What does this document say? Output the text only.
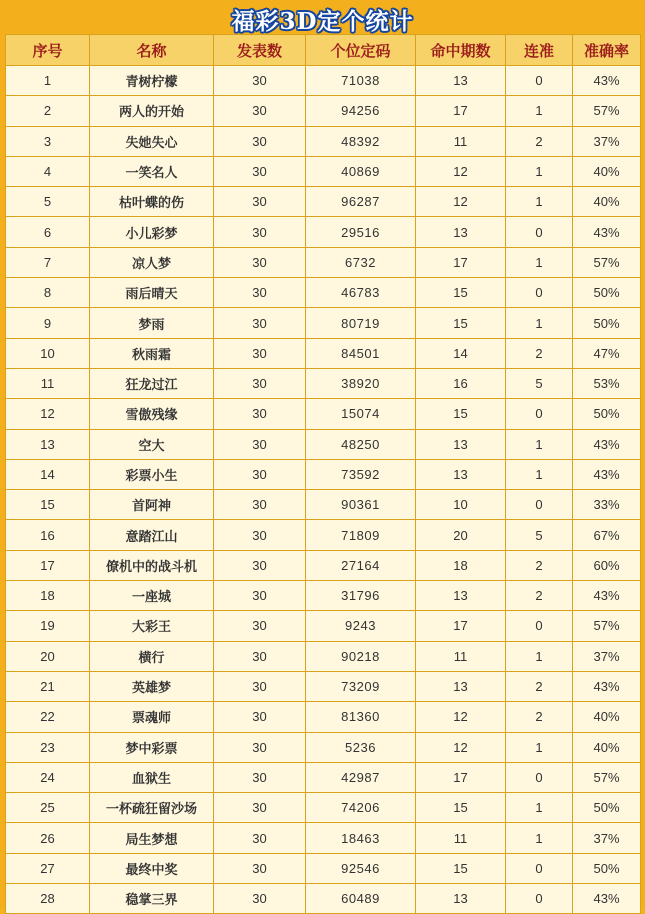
福彩3D定个统计
序号	名称	发表数	个位定码	命中期数	连准	准确率
1	青树柠檬	30	71038	13	0	43%
2	两人的开始	30	94256	17	1	57%
3	失她失心	30	48392	11	2	37%
4	一笑名人	30	40869	12	1	40%
5	枯叶蝶的伤	30	96287	12	1	40%
6	小儿彩梦	30	29516	13	0	43%
7	凉人梦	30	6732	17	1	57%
8	雨后晴天	30	46783	15	0	50%
9	梦雨	30	80719	15	1	50%
10	秋雨霜	30	84501	14	2	47%
11	狂龙过江	30	38920	16	5	53%
12	雪傲残缘	30	15074	15	0	50%
13	空大	30	48250	13	1	43%
14	彩票小生	30	73592	13	1	43%
15	首阿神	30	90361	10	0	33%
16	意踏江山	30	71809	20	5	67%
17	僚机中的战斗机	30	27164	18	2	60%
18	一座城	30	31796	13	2	43%
19	大彩王	30	9243	17	0	57%
20	横行	30	90218	11	1	37%
21	英雄梦	30	73209	13	2	43%
22	票魂师	30	81360	12	2	40%
23	梦中彩票	30	5236	12	1	40%
24	血狱生	30	42987	17	0	57%
25	一杯疏狂留沙场	30	74206	15	1	50%
26	局生梦想	30	18463	11	1	37%
27	最终中奖	30	92546	15	0	50%
28	稳掌三界	30	60489	13	0	43%
